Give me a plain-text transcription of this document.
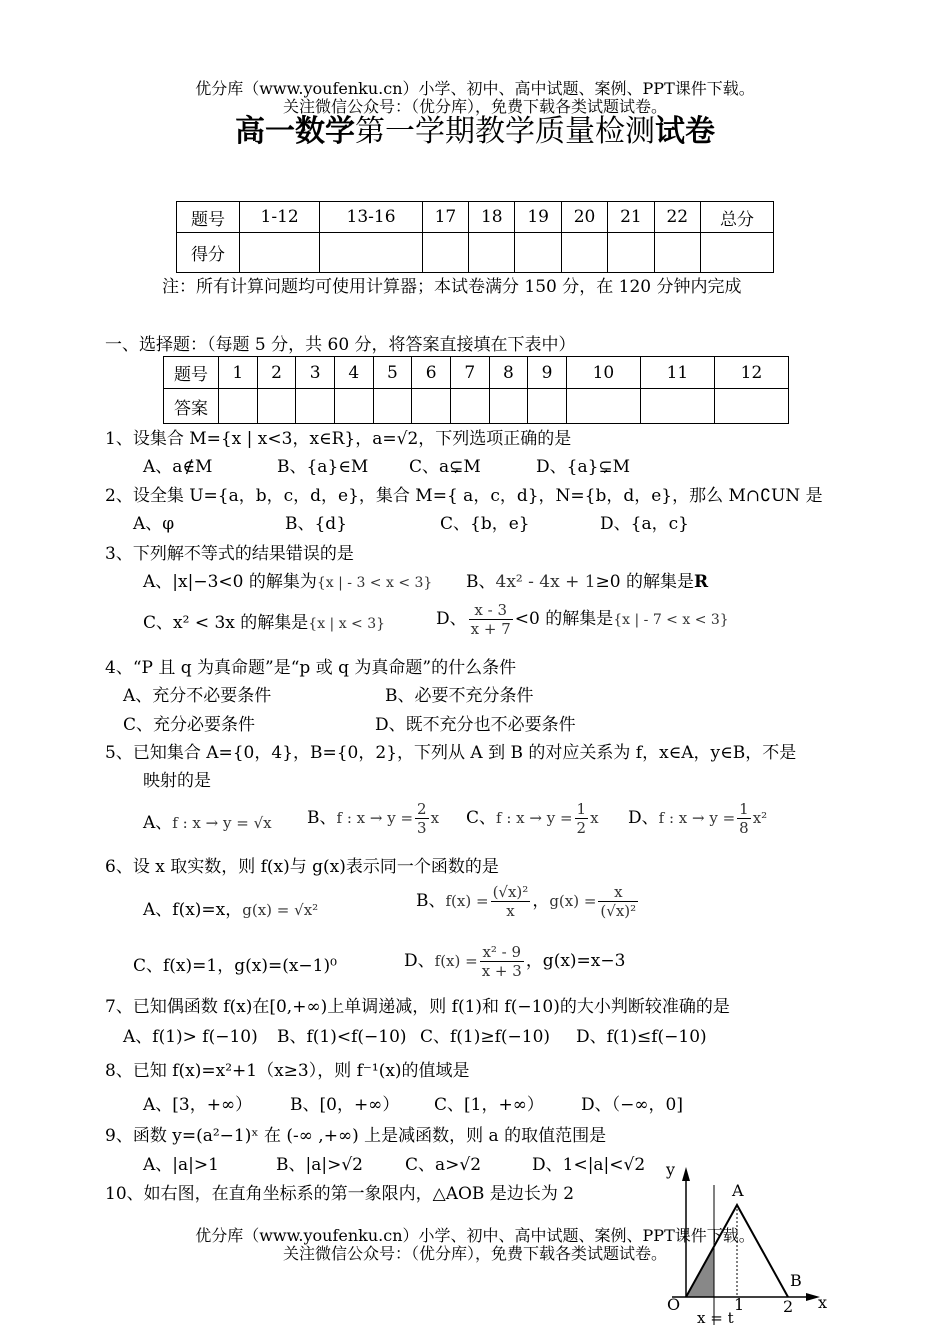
优分库（www.youfenku.cn）小学、初中、高中试题、案例、PPT课件下载。
关注微信公众号：（优分库），免费下载各类试题试卷。
高一数学第一学期教学质量检测试卷
题号	1-12	13-16	17	18	19	20	21	22	总分
得分									
注：所有计算问题均可使用计算器；本试卷满分 150 分，在 120 分钟内完成
一、选择题：（每题 5 分，共 60 分，将答案直接填在下表中）
题号	1	2	3	4	5	6	7	8	9	10	11	12
答案												
1、设集合 M={x | x<3，x∈R}，a=√2，下列选项正确的是
A、a∉M	B、{a}∈M C、a⊊M	D、{a}⊊M
2、设全集 U={a，b，c，d，e}，集合 M={ a，c，d}，N={b，d，e}，那么 M∩∁UN 是
A、φ	B、{d}	C、{b，e}	D、{a，c}
3、下列解不等式的结果错误的是
A、|x|−3<0 的解集为{x | - 3 < x < 3} B、4x² - 4x + 1≥0 的解集是R
C、x² < 3x 的解集是{x | x < 3}	D、 $\frac{x - 3}{x + 7} <0$ 的解集是{x | - 7 < x < 3}
4、“P 且 q 为真命题”是“p 或 q 为真命题”的什么条件
A、充分不必要条件	B、必要不充分条件
C、充分必要条件	D、既不充分也不必要条件
5、已知集合 A={0，4}，B={0，2}，下列从 A 到 B 的对应关系为 f，x∈A，y∈B，不是
映射的是
A、f : x → y = √x B、f : $x \to y = \frac{2}{3}$ x C、f : $x \to y = \frac{1}{2}$ x D、f : $x \to y = \frac{1}{8} x^2$
6、设 x 取实数，则 f(x)与 g(x)表示同一个函数的是
A、f(x)=x，g(x) = √x²	B、$f(x) = \frac{\text{(√x)²}}{x}$ ，$g(x) = \frac{x}{\text{(√x)²}}$
C、f(x)=1，g(x)=(x−1)⁰	D、$f(x) = \frac{\text{x² - 9}}{x + 3}$ ，g(x)=x−3
7、已知偶函数 f(x)在[0,+∞)上单调递减，则 f(1)和 f(−10)的大小判断较准确的是
A、f(1)> f(−10) B、f(1)<f(−10) C、f(1)≥f(−10) D、f(1)≤f(−10)
8、已知 f(x)=x²+1（x≥3），则 f⁻¹(x)的值域是
A、[3，+∞） B、[0，+∞） C、[1，+∞） D、（−∞，0]
9、函数 y=(a²−1)ˣ 在 (-∞ ,+∞) 上是减函数，则 a 的取值范围是
A、|a|>1	B、|a|>√2 C、a>√2	D、1<|a|<√2
10、如右图，在直角坐标系的第一象限内，△AOB 是边长为 2
优分库（www.youfenku.cn）小学、初中、高中试题、案例、PPT课件下载。
关注微信公众号：（优分库），免费下载各类试题试卷。
y
x
A
B
O	1 2
x = t
